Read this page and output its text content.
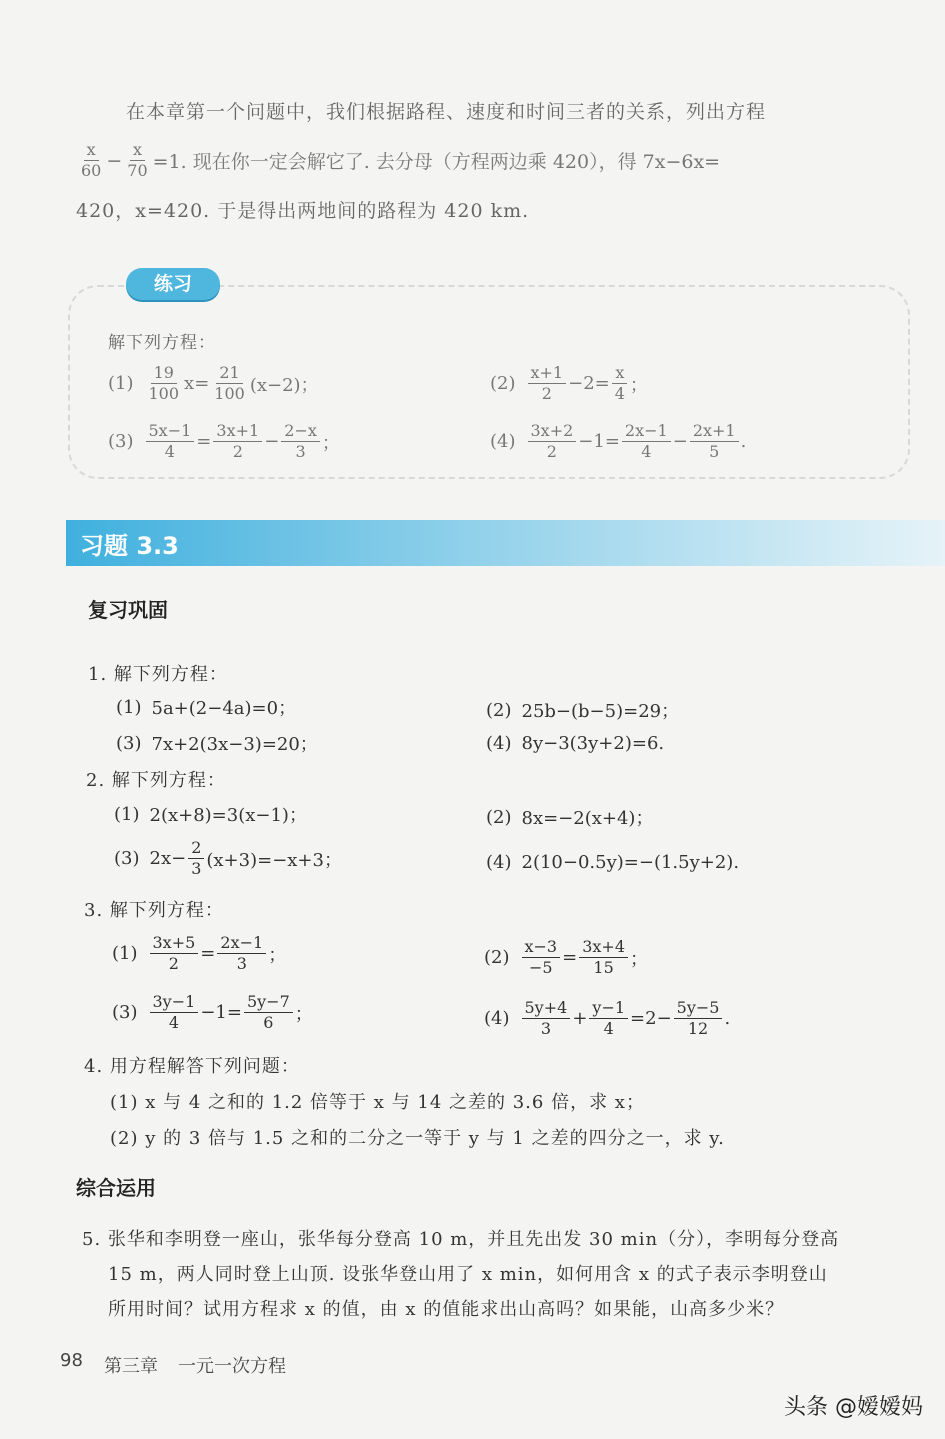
在本章第一个问题中，我们根据路程、速度和时间三者的关系，列出方程
$\frac{x}{60} - \frac{x}{70} =1$. 现在你一定会解它了. 去分母（方程两边乘 420），得 7x−6x=
420，x=420. 于是得出两地间的路程为 420 km.
练习
解下列方程：
$(1) \frac{19}{100} x= \frac{21}{100} (x-2)$；	$(2) \frac{x+1}{2} -2= \frac{x}{4}$ ；
$(3) \frac{5x-1}{4} = \frac{3x+1}{2} - \frac{2-x}{3}$ ；	$(4) \frac{3x+2}{2} -1= \frac{2x-1}{4} - \frac{2x+1}{5}$ .
习题 3.3
复习巩固
1. 解下列方程：
(1) 5a+(2−4a)=0；	(2) 25b−(b−5)=29；
(3) 7x+2(3x−3)=20；	(4) 8y−3(3y+2)=6.
2. 解下列方程：
(1) 2(x+8)=3(x−1)；	(2) 8x=−2(x+4)；
(3) $2x- \frac{2}{3} (x+3)=-x+3$；	(4) 2(10−0.5y)=−(1.5y+2).
3. 解下列方程：
$(1) \frac{3x+5}{2} = \frac{2x-1}{3}$ ；	$(2) \frac{x-3}{-5} = \frac{3x+4}{15}$ ；
$(3) \frac{3y-1}{4} -1= \frac{5y-7}{6}$ ；	$(4) \frac{5y+4}{3} + \frac{y-1}{4} =2- \frac{5y-5}{12}$ .
4. 用方程解答下列问题：
(1) x 与 4 之和的 1.2 倍等于 x 与 14 之差的 3.6 倍，求 x；
(2) y 的 3 倍与 1.5 之和的二分之一等于 y 与 1 之差的四分之一，求 y.
综合运用
5. 张华和李明登一座山，张华每分登高 10 m，并且先出发 30 min（分），李明每分登高
15 m，两人同时登上山顶. 设张华登山用了 x min，如何用含 x 的式子表示李明登山
所用时间？试用方程求 x 的值，由 x 的值能求出山高吗？如果能，山高多少米？
98 第三章 一元一次方程
头条 @嫒嫒妈
